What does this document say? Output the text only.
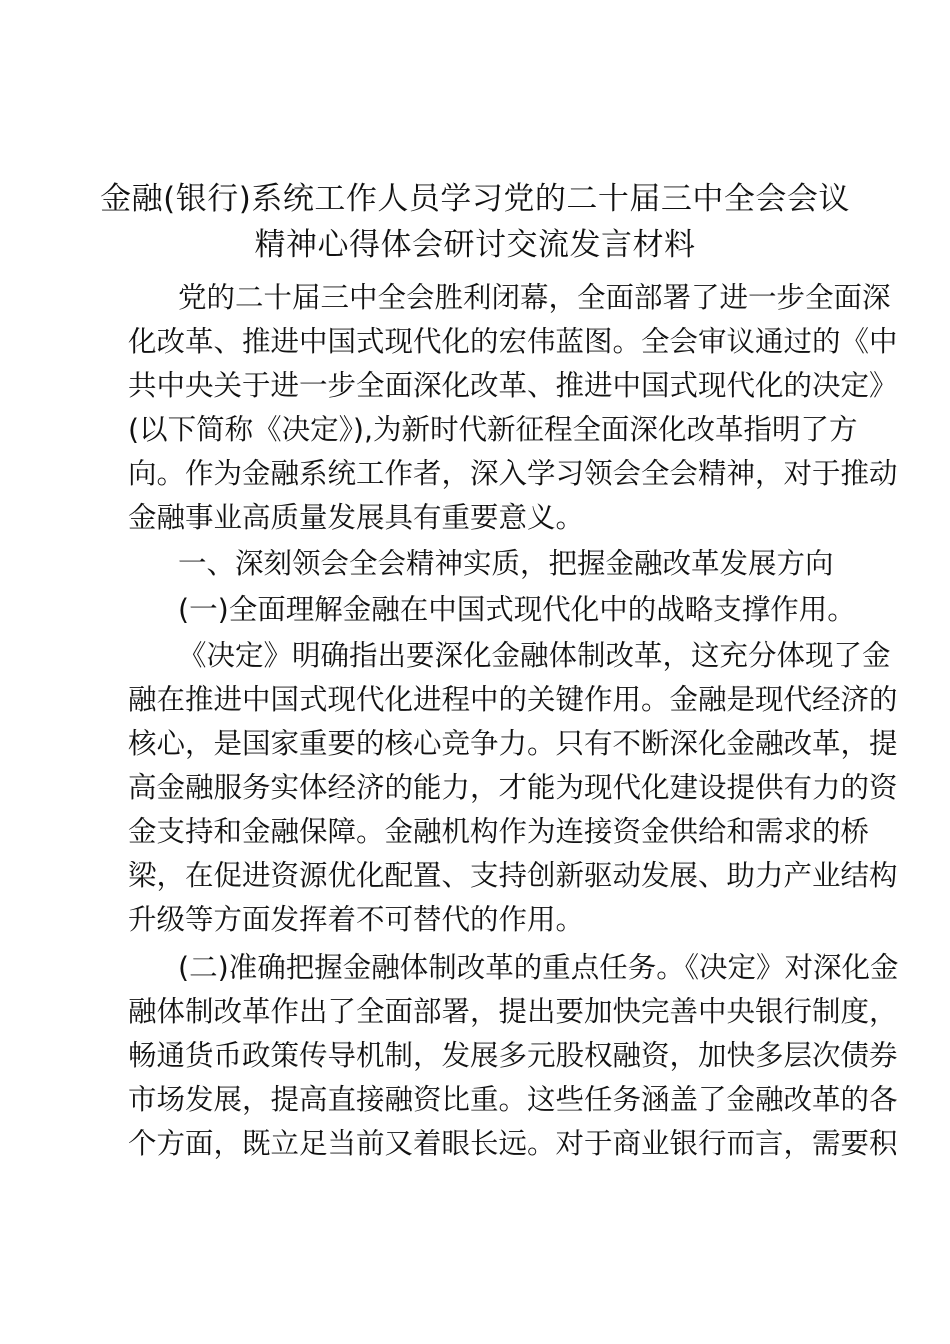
金融(银行)系统工作人员学习党的二十届三中全会会议
精神心得体会研讨交流发言材料
党的二十届三中全会胜利闭幕，全面部署了进一步全面深
化改革、推进中国式现代化的宏伟蓝图。全会审议通过的《中
共中央关于进一步全面深化改革、推进中国式现代化的决定》
(以下简称《决定》),为新时代新征程全面深化改革指明了方
向。作为金融系统工作者，深入学习领会全会精神，对于推动
金融事业高质量发展具有重要意义。
一、深刻领会全会精神实质，把握金融改革发展方向
(一)全面理解金融在中国式现代化中的战略支撑作用。
《决定》明确指出要深化金融体制改革，这充分体现了金
融在推进中国式现代化进程中的关键作用。金融是现代经济的
核心，是国家重要的核心竞争力。只有不断深化金融改革，提
高金融服务实体经济的能力，才能为现代化建设提供有力的资
金支持和金融保障。金融机构作为连接资金供给和需求的桥
梁，在促进资源优化配置、支持创新驱动发展、助力产业结构
升级等方面发挥着不可替代的作用。
(二)准确把握金融体制改革的重点任务。《决定》对深化金
融体制改革作出了全面部署，提出要加快完善中央银行制度，
畅通货币政策传导机制，发展多元股权融资，加快多层次债券
市场发展，提高直接融资比重。这些任务涵盖了金融改革的各
个方面，既立足当前又着眼长远。对于商业银行而言，需要积
